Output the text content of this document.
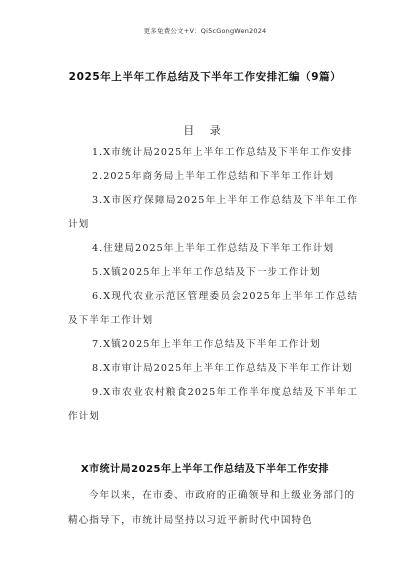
更多免费公文+V：Qi5cGongWen2024
2025年上半年工作总结及下半年工作安排汇编（9篇）
目 录
1.X市统计局2025年上半年工作总结及下半年工作安排
2.2025年商务局上半年工作总结和下半年工作计划
3.X市医疗保障局2025年上半年工作总结及下半年工作计划
4.住建局2025年上半年工作总结及下半年工作计划
5.X镇2025年上半年工作总结及下一步工作计划
6.X现代农业示范区管理委员会2025年上半年工作总结及下半年工作计划
7.X镇2025年上半年工作总结及下半年工作计划
8.X市审计局2025年上半年工作总结及下半年工作计划
9.X市农业农村粮食2025年工作半年度总结及下半年工作计划
X市统计局2025年上半年工作总结及下半年工作安排

今年以来，在市委、市政府的正确领导和上级业务部门的精心指导下，市统计局坚持以习近平新时代中国特色
